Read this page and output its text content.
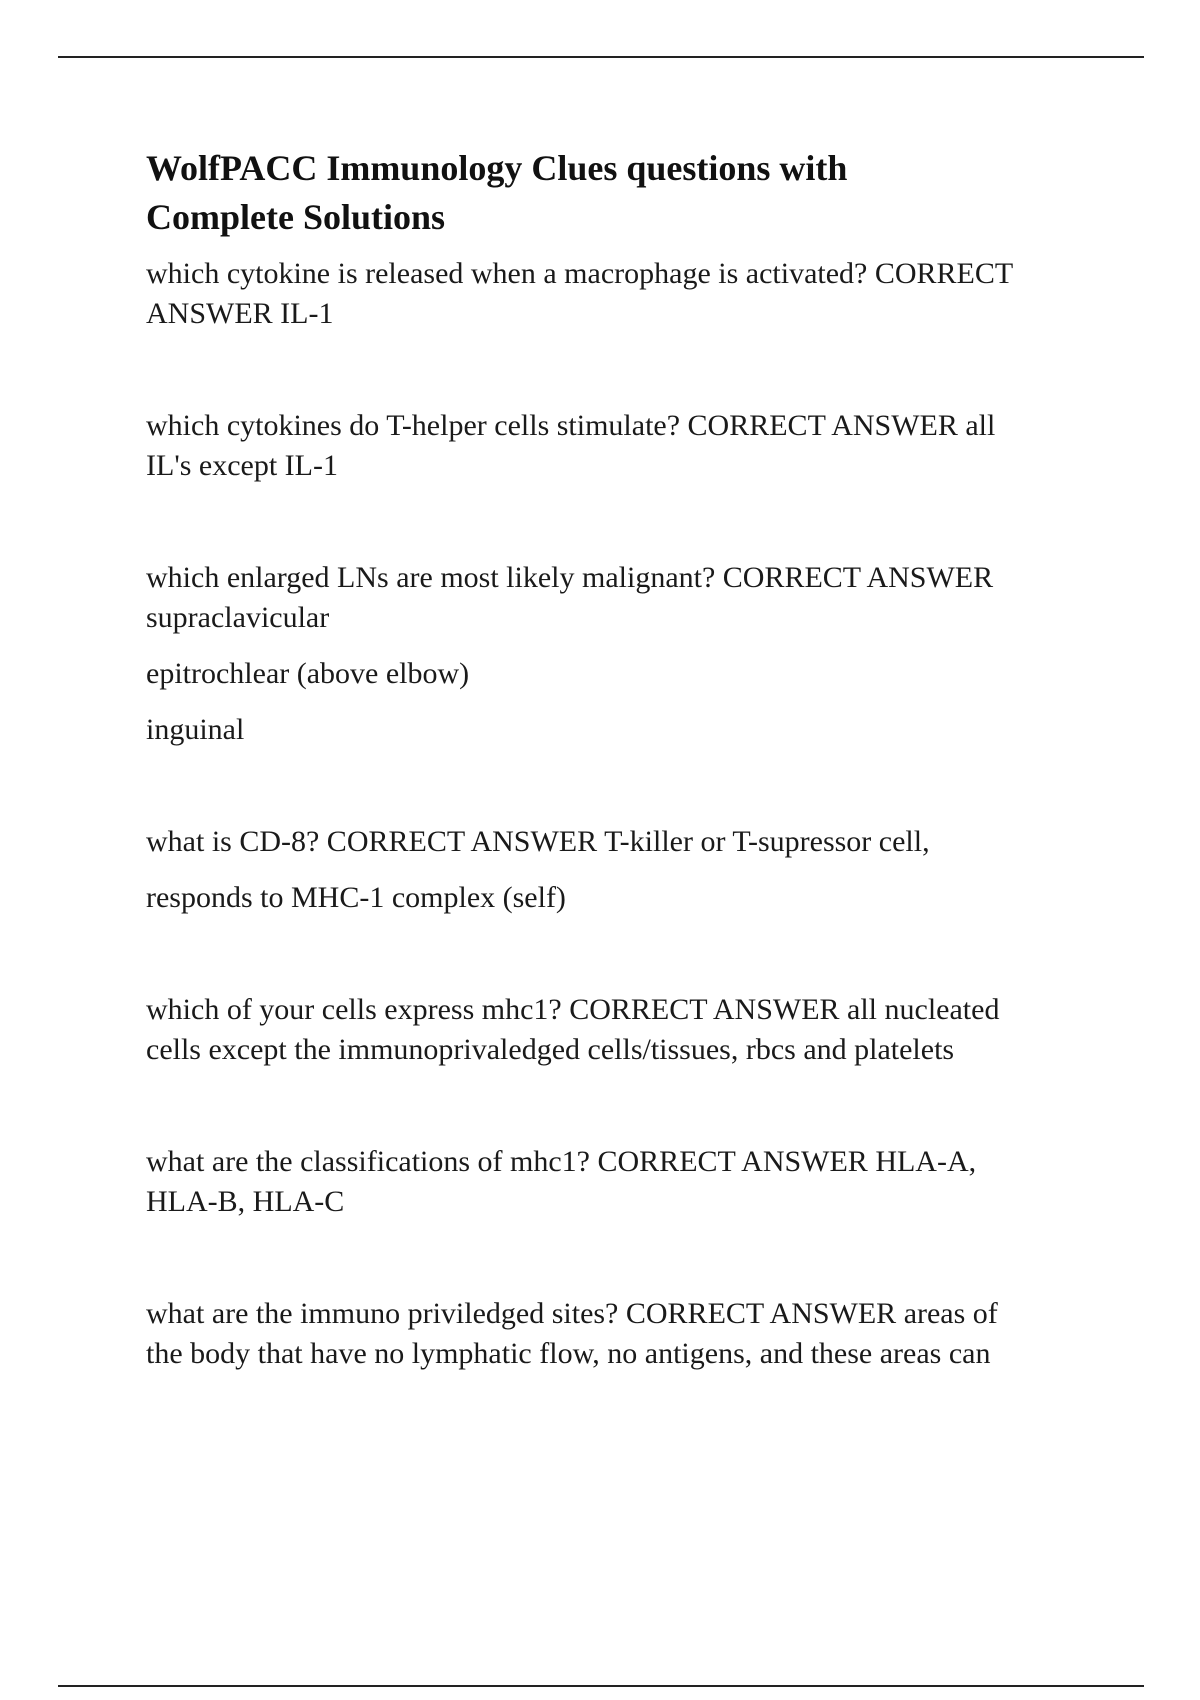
WolfPACC Immunology Clues questions with
Complete Solutions

which cytokine is released when a macrophage is activated? CORRECT

ANSWER IL-1

which cytokines do T-helper cells stimulate? CORRECT ANSWER all

IL's except IL-1

which enlarged LNs are most likely malignant? CORRECT ANSWER

supraclavicular

epitrochlear (above elbow)

inguinal

what is CD-8? CORRECT ANSWER T-killer or T-supressor cell,

responds to MHC-1 complex (self)

which of your cells express mhc1? CORRECT ANSWER all nucleated

cells except the immunoprivaledged cells/tissues, rbcs and platelets

what are the classifications of mhc1? CORRECT ANSWER HLA-A,

HLA-B, HLA-C

what are the immuno priviledged sites? CORRECT ANSWER areas of

the body that have no lymphatic flow, no antigens, and these areas can
